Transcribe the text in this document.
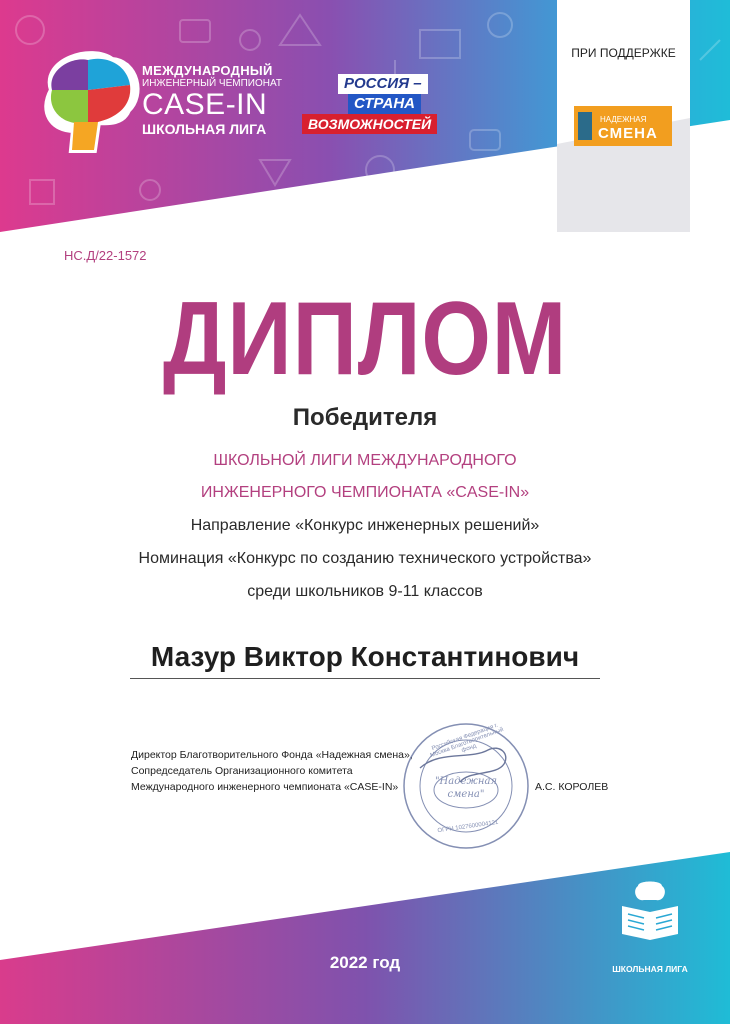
МЕЖДУНАРОДНЫЙ
ИНЖЕНЕРНЫЙ ЧЕМПИОНАТ
CASE-IN
ШКОЛЬНАЯ ЛИГА
РОССИЯ –
СТРАНА
ВОЗМОЖНОСТЕЙ
ПРИ ПОДДЕРЖКЕ
НАДЕЖНАЯ
СМЕНА
НС.Д/22-1572
ДИПЛОМ
Победителя
ШКОЛЬНОЙ ЛИГИ МЕЖДУНАРОДНОГО
ИНЖЕНЕРНОГО ЧЕМПИОНАТА «CASE-IN»
Направление «Конкурс инженерных решений»
Номинация «Конкурс по созданию технического устройства»
среди школьников 9-11 классов
Мазур Виктор Константинович
Директор Благотворительного Фонда «Надежная смена»,
Сопредседатель Организационного комитета
Международного инженерного чемпионата «CASE-IN»	А.С. КОРОЛЕВ
Российская Федерация г. Москва Благотворительный фонд
"Надежная
смена"
ОГРН 1027600004121
2022 год	ШКОЛЬНАЯ ЛИГА
